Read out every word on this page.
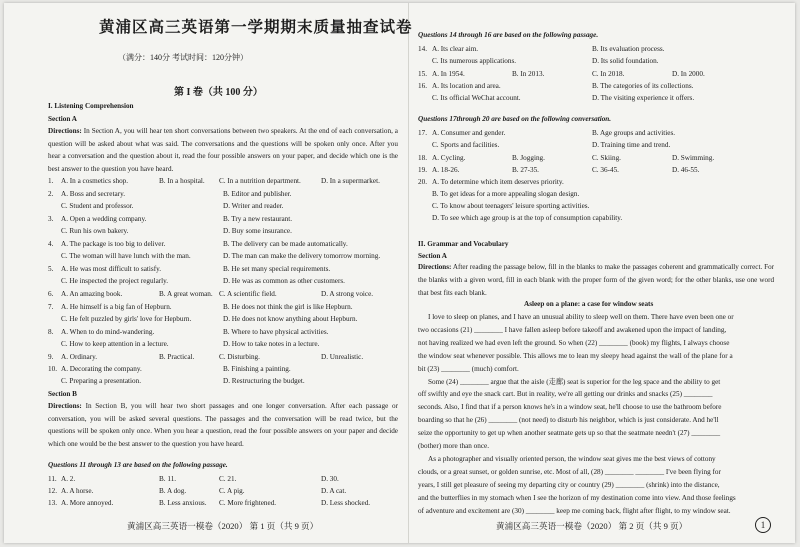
黄浦区高三英语第一学期期末质量抽查试卷
（满分：140分 考试时间：120分钟）
第 I 卷（共 100 分）
I. Listening Comprehension
Section A
Directions: In Section A, you will hear ten short conversations between two speakers. At the end of each conversation, a question will be asked about what was said. The conversations and the questions will be spoken only once. After you hear a conversation and the question about it, read the four possible answers on your paper, and decide which one is the best answer to the question you have heard.
1. A. In a cosmetics shop.	B. In a hospital. C. In a nutrition department.	D. In a supermarket.
2. A. Boss and secretary.	B. Editor and publisher.
C. Student and professor.	D. Writer and reader.
3. A. Open a wedding company.	B. Try a new restaurant.
C. Run his own bakery.	D. Buy some insurance.
4. A. The package is too big to deliver.	B. The delivery can be made automatically.
C. The woman will have lunch with the man.	D. The man can make the delivery tomorrow morning.
5. A. He was most difficult to satisfy.	B. He set many special requirements.
C. He inspected the project regularly.	D. He was as common as other customers.
6. A. An amazing book.	B. A great woman. C. A scientific field.	D. A strong voice.
7. A. He himself is a big fan of Hepburn.	B. He does not think the girl is like Hepburn.
C. He felt puzzled by girls' love for Hepburn.	D. He does not know anything about Hepburn.
8. A. When to do mind-wandering.	B. Where to have physical activities.
C. How to keep attention in a lecture.	D. How to take notes in a lecture.
9. A. Ordinary.	B. Practical.	C. Disturbing.	D. Unrealistic.
10. A. Decorating the company.	B. Finishing a painting.
C. Preparing a presentation.	D. Restructuring the budget.
Section B
Directions: In Section B, you will hear two short passages and one longer conversation. After each passage or conversation, you will be asked several questions. The passages and the conversation will be read twice, but the questions will be spoken only once. When you hear a question, read the four possible answers on your paper and decide which one would be the best answer to the question you have heard.
Questions 11 through 13 are based on the following passage.
11. A. 2.	B. 11.	C. 21.	D. 30.
12. A. A horse.	B. A dog.	C. A pig.	D. A cat.
13. A. More annoyed.	B. Less anxious. C. More frightened.	D. Less shocked.
黄浦区高三英语一模卷（2020） 第 1 页（共 9 页）
Questions 14 through 16 are based on the following passage.
14. A. Its clear aim.	B. Its evaluation process.
C. Its numerous applications.	D. Its solid foundation.
15. A. In 1954.	B. In 2013.	C. In 2018.	D. In 2000.
16. A. Its location and area.	B. The categories of its collections.
C. Its official WeChat account.	D. The visiting experience it offers.
17. A. Consumer and gender.	B. Age groups and activities.
C. Sports and facilities.	D. Training time and trend.
18. A. Cycling.	B. Jogging.	C. Skiing.	D. Swimming.
19. A. 18-26.	B. 27-35.	C. 36-45.	D. 46-55.
20. A. To determine which item deserves priority.
B. To get ideas for a more appealing slogan design.
C. To know about teenagers' leisure sporting activities.
D. To see which age group is at the top of consumption capability.
Questions 17through 20 are based on the following conversation.
II. Grammar and Vocabulary
Section A
Directions: After reading the passage below, fill in the blanks to make the passages coherent and grammatically correct. For the blanks with a given word, fill in each blank with the proper form of the given word; for the other blanks, use one word that best fits each blank.
Asleep on a plane: a case for window seats
I love to sleep on planes, and I have an unusual ability to sleep well on them. There have even been one or
two occasions (21) ________ I have fallen asleep before takeoff and awakened upon the impact of landing,
not having realized we had even left the ground. So when (22) ________ (book) my flights, I always choose
the window seat whenever possible. This allows me to lean my sleepy head against the wall of the plane for a
bit (23) ________ (much) comfort.
Some (24) ________ argue that the aisle (走廊) seat is superior for the leg space and the ability to get
off swiftly and eye the snack cart. But in reality, we're all getting our drinks and snacks (25) ________
seconds. Also, I find that if a person knows he's in a window seat, he'll choose to use the bathroom before
boarding so that he (26) ________ (not need) to disturb his neighbor, which is just considerate. And he'll
seize the opportunity to get up when another seatmate gets up so that the seatmate needn't (27) ________
(bother) more than once.
As a photographer and visually oriented person, the window seat gives me the best views of cottony
clouds, or a great sunset, or golden sunrise, etc. Most of all, (28) ________ ________ I've been flying for
years, I still get pleasure of seeing my departing city or country (29) ________ (shrink) into the distance,
and the butterflies in my stomach when I see the horizon of my destination come into view. And those feelings
of adventure and excitement are (30) ________ keep me coming back, flight after flight, to my window seat.
黄浦区高三英语一模卷（2020） 第 2 页（共 9 页）	1
